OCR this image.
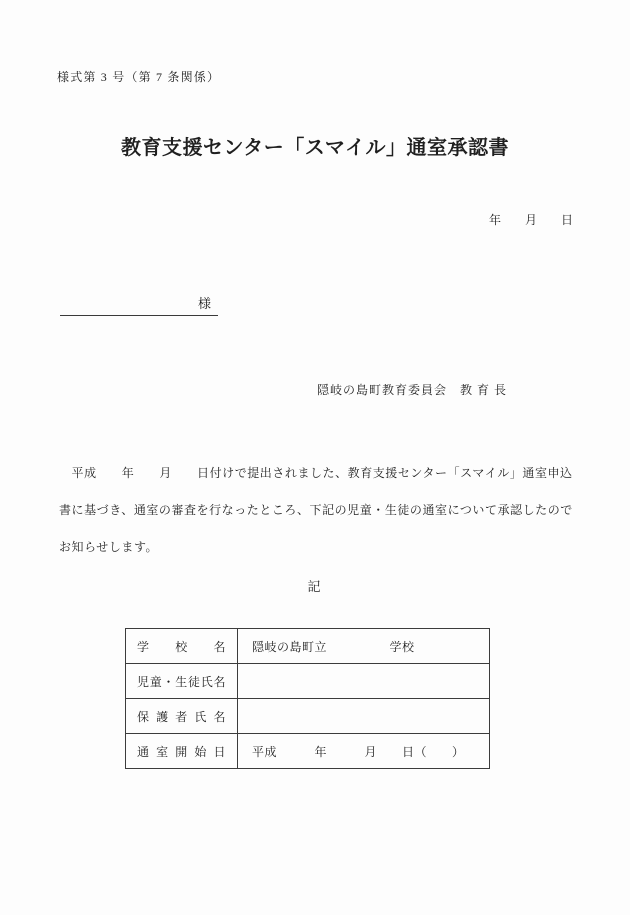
様式第 3 号（第 7 条関係）
教育支援センター「スマイル」通室承認書
年　　月　　日
様
隠岐の島町教育委員会　教 育 長
　平成　　年　　月　　日付けで提出されました、教育支援センター「スマイル」通室申込
書に基づき、通室の審査を行なったところ、下記の児童・生徒の通室について承認したので
お知らせします。
記
学校名	隠岐の島町立　　　　　学校
児童・生徒氏名	
保護者氏名	
通室開始日	平成　　　年　　　月　　日（　　）
